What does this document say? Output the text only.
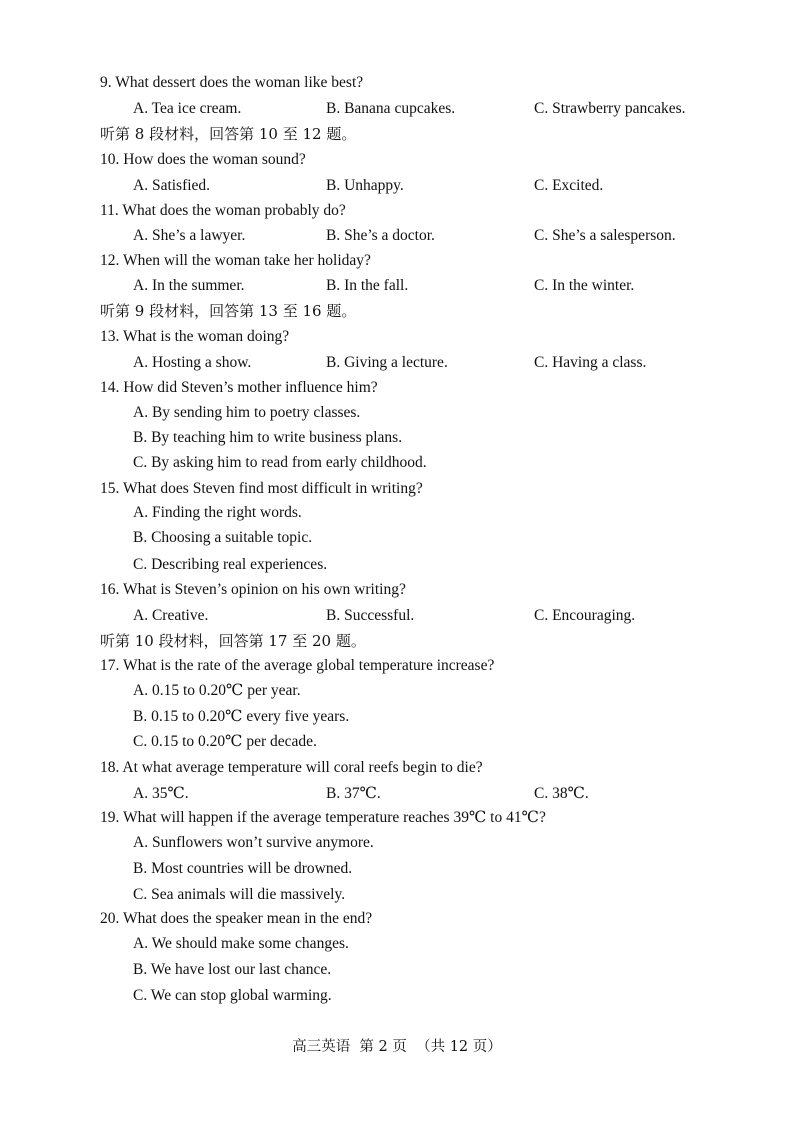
9. What dessert does the woman like best?
A. Tea ice cream.	B. Banana cupcakes.	C. Strawberry pancakes.
听第 8 段材料，回答第 10 至 12 题。
10. How does the woman sound?
A. Satisfied.	B. Unhappy.	C. Excited.
11. What does the woman probably do?
A. She’s a lawyer.	B. She’s a doctor.	C. She’s a salesperson.
12. When will the woman take her holiday?
A. In the summer.	B. In the fall.	C. In the winter.
听第 9 段材料，回答第 13 至 16 题。
13. What is the woman doing?
A. Hosting a show.	B. Giving a lecture.	C. Having a class.
14. How did Steven’s mother influence him?
A. By sending him to poetry classes.
B. By teaching him to write business plans.
C. By asking him to read from early childhood.
15. What does Steven find most difficult in writing?
A. Finding the right words.
B. Choosing a suitable topic.
C. Describing real experiences.
16. What is Steven’s opinion on his own writing?
A. Creative.	B. Successful.	C. Encouraging.
听第 10 段材料，回答第 17 至 20 题。
17. What is the rate of the average global temperature increase?
A. 0.15 to 0.20℃ per year.
B. 0.15 to 0.20℃ every five years.
C. 0.15 to 0.20℃ per decade.
18. At what average temperature will coral reefs begin to die?
A. 35℃.	B. 37℃.	C. 38℃.
19. What will happen if the average temperature reaches 39℃ to 41℃?
A. Sunflowers won’t survive anymore.
B. Most countries will be drowned.
C. Sea animals will die massively.
20. What does the speaker mean in the end?
A. We should make some changes.
B. We have lost our last chance.
C. We can stop global warming.
高三英语  第 2 页  （共 12 页）
